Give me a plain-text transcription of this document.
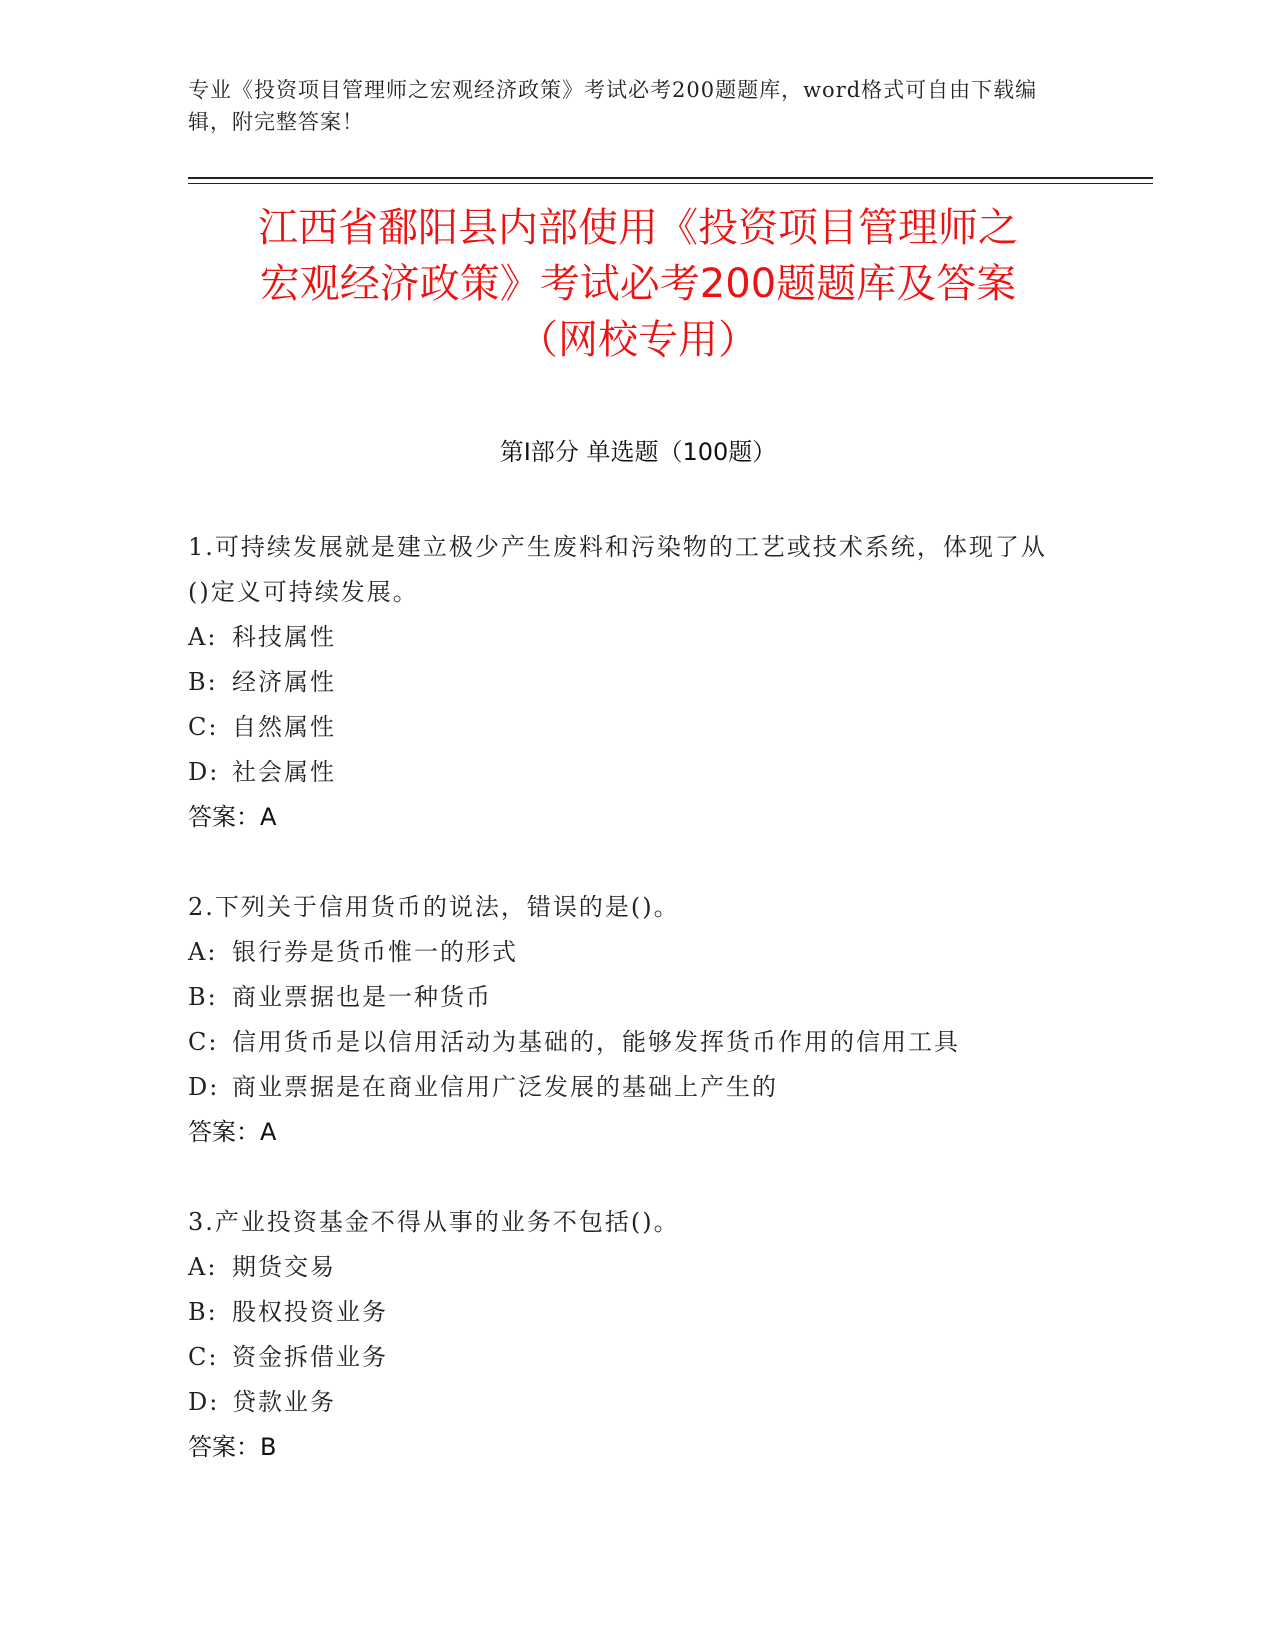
专业《投资项目管理师之宏观经济政策》考试必考200题题库，word格式可自由下载编辑，附完整答案！
江西省鄱阳县内部使用《投资项目管理师之
宏观经济政策》考试必考200题题库及答案
（网校专用）
第I部分 单选题（100题）
1.可持续发展就是建立极少产生废料和污染物的工艺或技术系统，体现了从()定义可持续发展。
A: 科技属性
B: 经济属性
C: 自然属性
D: 社会属性
答案：A
2.下列关于信用货币的说法，错误的是()。
A: 银行券是货币惟一的形式
B: 商业票据也是一种货币
C: 信用货币是以信用活动为基础的，能够发挥货币作用的信用工具
D: 商业票据是在商业信用广泛发展的基础上产生的
答案：A
3.产业投资基金不得从事的业务不包括()。
A: 期货交易
B: 股权投资业务
C: 资金拆借业务
D: 贷款业务
答案：B
